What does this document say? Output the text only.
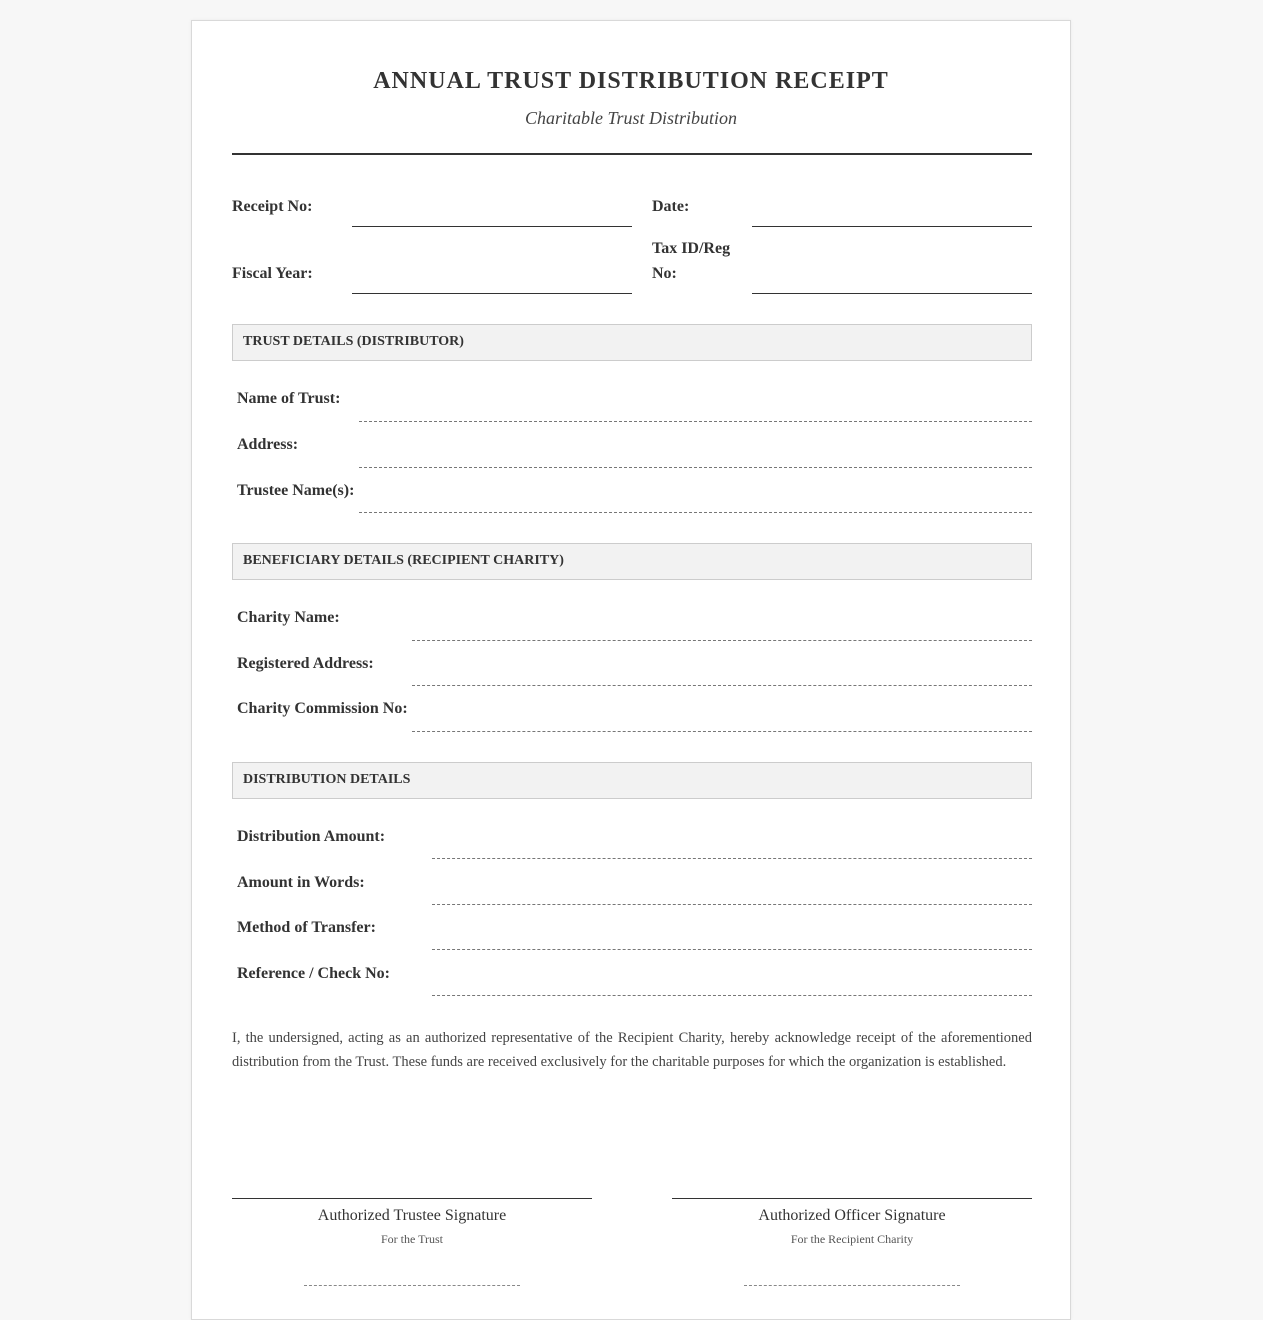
ANNUAL TRUST DISTRIBUTION RECEIPT
Charitable Trust Distribution
Receipt No:	Date:
Fiscal Year:
Tax ID/Reg
No:
TRUST DETAILS (DISTRIBUTOR)
Name of Trust:
Address:
Trustee Name(s):
BENEFICIARY DETAILS (RECIPIENT CHARITY)
Charity Name:
Registered Address:
Charity Commission No:
DISTRIBUTION DETAILS
Distribution Amount:
Amount in Words:
Method of Transfer:
Reference / Check No:
I, the undersigned, acting as an authorized representative of the Recipient Charity, hereby acknowledge receipt of the aforementioned distribution from the Trust. These funds are received exclusively for the charitable purposes for which the organization is established.
Authorized Trustee Signature
For the Trust
Authorized Officer Signature
For the Recipient Charity
